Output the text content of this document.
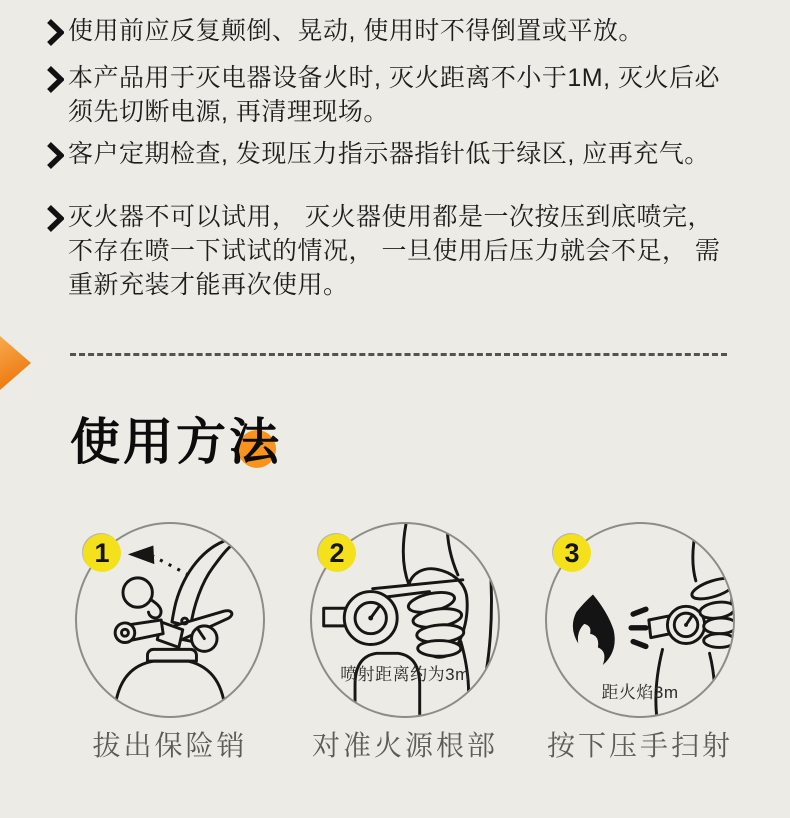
使用前应反复颠倒、晃动, 使用时不得倒置或平放。

本产品用于灭电器设备火时, 灭火距离不小于1M, 灭火后必须先切断电源, 再清理现场。

客户定期检查, 发现压力指示器指针低于绿区, 应再充气。

灭火器不可以试用， 灭火器使用都是一次按压到底喷完，不存在喷一下试试的情况， 一旦使用后压力就会不足， 需重新充装才能再次使用。

使用方法
1
拔出保险销
喷射距离约为3m
2
对准火源根部
距火焰3m
3
按下压手扫射
